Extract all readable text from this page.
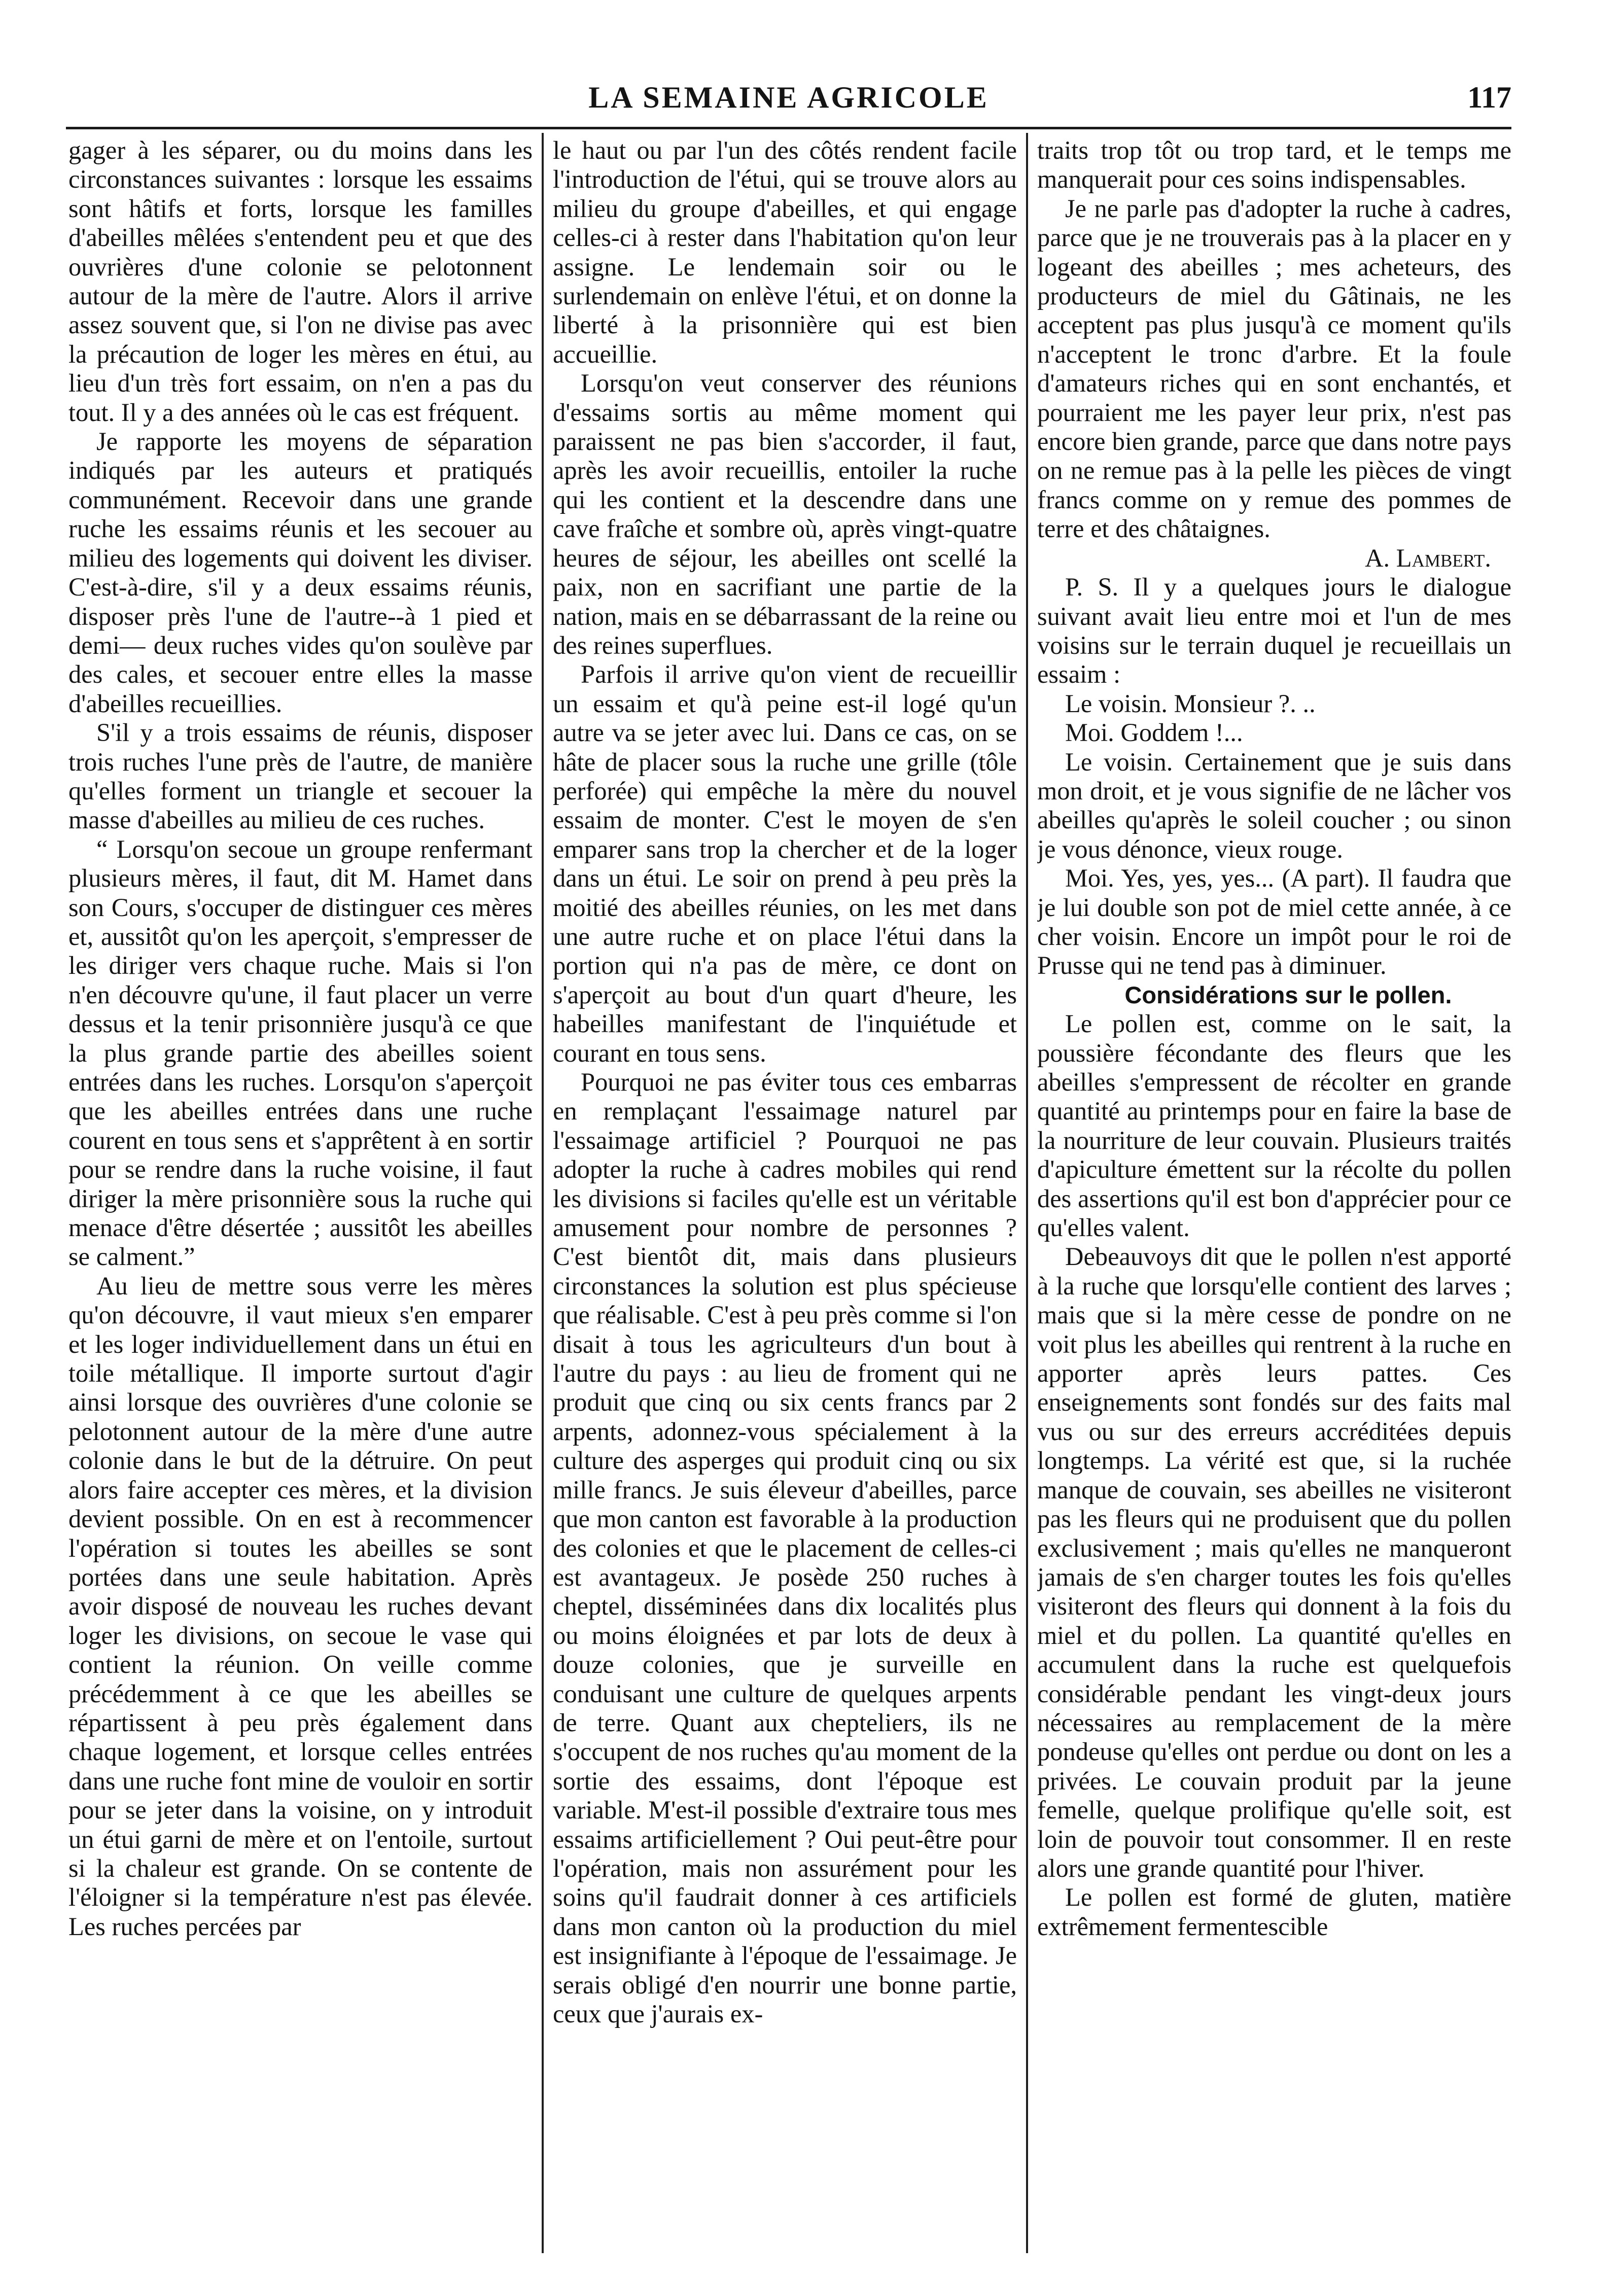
LA SEMAINE AGRICOLE	117

gager à les séparer, ou du moins dans les circonstances suivantes : lorsque les essaims sont hâtifs et forts, lorsque les familles d'abeilles mêlées s'entendent peu et que des ouvrières d'une colonie se pelotonnent autour de la mère de l'autre. Alors il arrive assez souvent que, si l'on ne divise pas avec la précaution de loger les mères en étui, au lieu d'un très fort essaim, on n'en a pas du tout. Il y a des années où le cas est fréquent.

Je rapporte les moyens de séparation indiqués par les auteurs et pratiqués communément. Recevoir dans une grande ruche les essaims réunis et les secouer au milieu des logements qui doivent les diviser. C'est-à-dire, s'il y a deux essaims réunis, disposer près l'une de l'autre--à 1 pied et demi— deux ruches vides qu'on soulève par des cales, et secouer entre elles la masse d'abeilles recueillies.

S'il y a trois essaims de réunis, disposer trois ruches l'une près de l'autre, de manière qu'elles forment un triangle et secouer la masse d'abeilles au milieu de ces ruches.

“ Lorsqu'on secoue un groupe renfermant plusieurs mères, il faut, dit M. Hamet dans son Cours, s'occuper de distinguer ces mères et, aussitôt qu'on les aperçoit, s'empresser de les diriger vers chaque ruche. Mais si l'on n'en découvre qu'une, il faut placer un verre dessus et la tenir prisonnière jusqu'à ce que la plus grande partie des abeilles soient entrées dans les ruches. Lorsqu'on s'aperçoit que les abeilles entrées dans une ruche courent en tous sens et s'apprêtent à en sortir pour se rendre dans la ruche voisine, il faut diriger la mère prisonnière sous la ruche qui menace d'être désertée ; aussitôt les abeilles se calment.”

Au lieu de mettre sous verre les mères qu'on découvre, il vaut mieux s'en emparer et les loger individuellement dans un étui en toile métallique. Il importe surtout d'agir ainsi lorsque des ouvrières d'une colonie se pelotonnent autour de la mère d'une autre colonie dans le but de la détruire. On peut alors faire accepter ces mères, et la division devient possible. On en est à recommencer l'opération si toutes les abeilles se sont portées dans une seule habitation. Après avoir disposé de nouveau les ruches devant loger les divisions, on secoue le vase qui contient la réunion. On veille comme précédemment à ce que les abeilles se répartissent à peu près également dans chaque logement, et lorsque celles entrées dans une ruche font mine de vouloir en sortir pour se jeter dans la voisine, on y introduit un étui garni de mère et on l'entoile, surtout si la chaleur est grande. On se contente de l'éloigner si la température n'est pas élevée. Les ruches percées par

le haut ou par l'un des côtés rendent facile l'introduction de l'étui, qui se trouve alors au milieu du groupe d'abeilles, et qui engage celles-ci à rester dans l'habitation qu'on leur assigne. Le lendemain soir ou le surlendemain on enlève l'étui, et on donne la liberté à la prisonnière qui est bien accueillie.

Lorsqu'on veut conserver des réunions d'essaims sortis au même moment qui paraissent ne pas bien s'accorder, il faut, après les avoir recueillis, entoiler la ruche qui les contient et la descendre dans une cave fraîche et sombre où, après vingt-quatre heures de séjour, les abeilles ont scellé la paix, non en sacrifiant une partie de la nation, mais en se débarrassant de la reine ou des reines superflues.

Parfois il arrive qu'on vient de recueillir un essaim et qu'à peine est-il logé qu'un autre va se jeter avec lui. Dans ce cas, on se hâte de placer sous la ruche une grille (tôle perforée) qui empêche la mère du nouvel essaim de monter. C'est le moyen de s'en emparer sans trop la chercher et de la loger dans un étui. Le soir on prend à peu près la moitié des abeilles réunies, on les met dans une autre ruche et on place l'étui dans la portion qui n'a pas de mère, ce dont on s'aperçoit au bout d'un quart d'heure, les habeilles manifestant de l'inquiétude et courant en tous sens.

Pourquoi ne pas éviter tous ces embarras en remplaçant l'essaimage naturel par l'essaimage artificiel ? Pourquoi ne pas adopter la ruche à cadres mobiles qui rend les divisions si faciles qu'elle est un véritable amusement pour nombre de personnes ? C'est bientôt dit, mais dans plusieurs circonstances la solution est plus spécieuse que réalisable. C'est à peu près comme si l'on disait à tous les agriculteurs d'un bout à l'autre du pays : au lieu de froment qui ne produit que cinq ou six cents francs par 2 arpents, adonnez-vous spécialement à la culture des asperges qui produit cinq ou six mille francs. Je suis éleveur d'abeilles, parce que mon canton est favorable à la production des colonies et que le placement de celles-ci est avantageux. Je posède 250 ruches à cheptel, disséminées dans dix localités plus ou moins éloignées et par lots de deux à douze colonies, que je surveille en conduisant une culture de quelques arpents de terre. Quant aux chepteliers, ils ne s'occupent de nos ruches qu'au moment de la sortie des essaims, dont l'époque est variable. M'est-il possible d'extraire tous mes essaims artificiellement ? Oui peut-être pour l'opération, mais non assurément pour les soins qu'il faudrait donner à ces artificiels dans mon canton où la production du miel est insignifiante à l'époque de l'essaimage. Je serais obligé d'en nourrir une bonne partie, ceux que j'aurais ex-

traits trop tôt ou trop tard, et le temps me manquerait pour ces soins indispensables.

Je ne parle pas d'adopter la ruche à cadres, parce que je ne trouverais pas à la placer en y logeant des abeilles ; mes acheteurs, des producteurs de miel du Gâtinais, ne les acceptent pas plus jusqu'à ce moment qu'ils n'acceptent le tronc d'arbre. Et la foule d'amateurs riches qui en sont enchantés, et pourraient me les payer leur prix, n'est pas encore bien grande, parce que dans notre pays on ne remue pas à la pelle les pièces de vingt francs comme on y remue des pommes de terre et des châtaignes.

A. Lambert.

P. S. Il y a quelques jours le dialogue suivant avait lieu entre moi et l'un de mes voisins sur le terrain duquel je recueillais un essaim :

Le voisin. Monsieur ?. ..

Moi. Goddem !...

Le voisin. Certainement que je suis dans mon droit, et je vous signifie de ne lâcher vos abeilles qu'après le soleil coucher ; ou sinon je vous dénonce, vieux rouge.

Moi. Yes, yes, yes... (A part). Il faudra que je lui double son pot de miel cette année, à ce cher voisin. Encore un impôt pour le roi de Prusse qui ne tend pas à diminuer.

Considérations sur le pollen.

Le pollen est, comme on le sait, la poussière fécondante des fleurs que les abeilles s'empressent de récolter en grande quantité au printemps pour en faire la base de la nourriture de leur couvain. Plusieurs traités d'apiculture émettent sur la récolte du pollen des assertions qu'il est bon d'apprécier pour ce qu'elles valent.

Debeauvoys dit que le pollen n'est apporté à la ruche que lorsqu'elle contient des larves ; mais que si la mère cesse de pondre on ne voit plus les abeilles qui rentrent à la ruche en apporter après leurs pattes. Ces enseignements sont fondés sur des faits mal vus ou sur des erreurs accréditées depuis longtemps. La vérité est que, si la ruchée manque de couvain, ses abeilles ne visiteront pas les fleurs qui ne produisent que du pollen exclusivement ; mais qu'elles ne manqueront jamais de s'en charger toutes les fois qu'elles visiteront des fleurs qui donnent à la fois du miel et du pollen. La quantité qu'elles en accumulent dans la ruche est quelquefois considérable pendant les vingt-deux jours nécessaires au remplacement de la mère pondeuse qu'elles ont perdue ou dont on les a privées. Le couvain produit par la jeune femelle, quelque prolifique qu'elle soit, est loin de pouvoir tout consommer. Il en reste alors une grande quantité pour l'hiver.

Le pollen est formé de gluten, matière extrêmement fermentescible
